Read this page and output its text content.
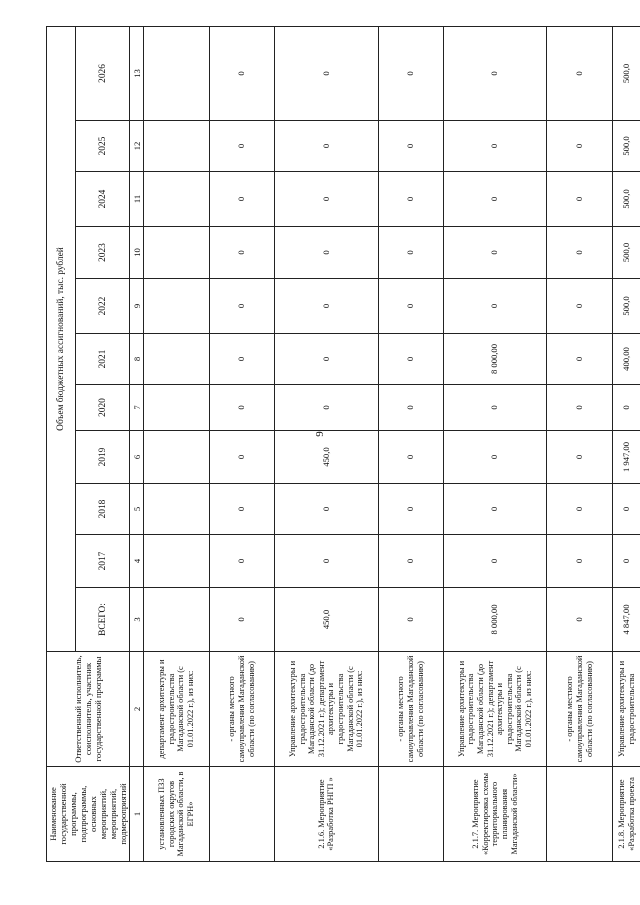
9
Наименование государственной программы, подпрограммы, основных мероприятий, мероприятий, подмероприятий	Ответственный исполнитель, соисполнитель, участник государственной программы	Объем бюджетных ассигнований, тыс. рублей										
		ВСЕГО:	2017	2018	2019	2020	2021	2022	2023	2024	2025	2026
1	2	3	4	5	6	7	8	9	10	11	12	13
установленных ПЗЗ городских округов Магаданской области, в ЕГРН»	департамент архитектуры и градостроительства Магаданской области (с 01.01.2022 г.), из них:											
	- органы местного самоуправления Магаданской области (по согласованию)	0	0	0	0	0	0	0	0	0	0	0
2.1.6. Мероприятие «Разработка РНГП »	Управление архитектуры и градостроительства Магаданской области (до 31.12.2021 г.); департамент архитектуры и градостроительства Магаданской области (с 01.01.2022 г.), из них:	450,0	0	0	450,0	0	0	0	0	0	0	0
	- органы местного самоуправления Магаданской области (по согласованию)	0	0	0	0	0	0	0	0	0	0	0
2.1.7. Мероприятие «Корректировка схемы территориального планирования Магаданской области»	Управление архитектуры и градостроительства Магаданской области (до 31.12.2021 г.); департамент архитектуры и градостроительства Магаданской области (с 01.01.2022 г.), из них:	8 000,00	0	0	0	0	8 000,00	0	0	0	0	0
	- органы местного самоуправления Магаданской области (по согласованию)	0	0	0	0	0	0	0	0	0	0	0
2.1.8. Мероприятие «Разработка проекта	Управление архитектуры и градостроительства	4 847,00	0	0	1 947,00	0	400,00	500,0	500,0	500,0	500,0	500,0
